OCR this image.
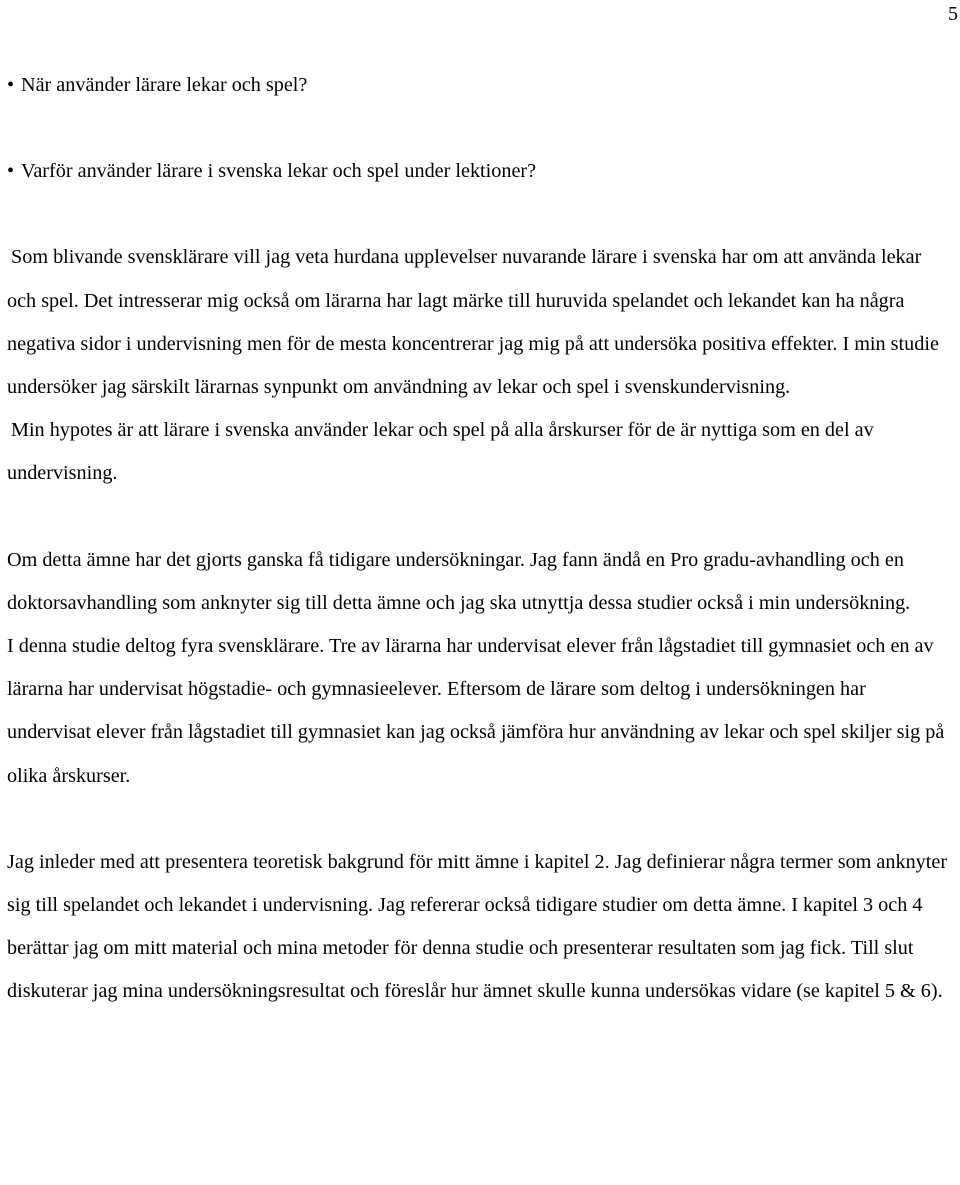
5
• När använder lärare lekar och spel?
• Varför använder lärare i svenska lekar och spel under lektioner?

Som blivande svensklärare vill jag veta hurdana upplevelser nuvarande lärare i svenska har om att använda lekar och spel. Det intresserar mig också om lärarna har lagt märke till huruvida spelandet och lekandet kan ha några negativa sidor i undervisning men för de mesta koncentrerar jag mig på att undersöka positiva effekter. I min studie undersöker jag särskilt lärarnas synpunkt om användning av lekar och spel i svenskundervisning.

Min hypotes är att lärare i svenska använder lekar och spel på alla årskurser för de är nyttiga som en del av undervisning.

Om detta ämne har det gjorts ganska få tidigare undersökningar. Jag fann ändå en Pro gradu-avhandling och en doktorsavhandling som anknyter sig till detta ämne och jag ska utnyttja dessa studier också i min undersökning.

I denna studie deltog fyra svensklärare. Tre av lärarna har undervisat elever från lågstadiet till gymnasiet och en av lärarna har undervisat högstadie- och gymnasieelever. Eftersom de lärare som deltog i undersökningen har undervisat elever från lågstadiet till gymnasiet kan jag också jämföra hur användning av lekar och spel skiljer sig på olika årskurser.

Jag inleder med att presentera teoretisk bakgrund för mitt ämne i kapitel 2. Jag definierar några termer som anknyter sig till spelandet och lekandet i undervisning. Jag refererar också tidigare studier om detta ämne. I kapitel 3 och 4 berättar jag om mitt material och mina metoder för denna studie och presenterar resultaten som jag fick. Till slut diskuterar jag mina undersökningsresultat och föreslår hur ämnet skulle kunna undersökas vidare (se kapitel 5 & 6).
